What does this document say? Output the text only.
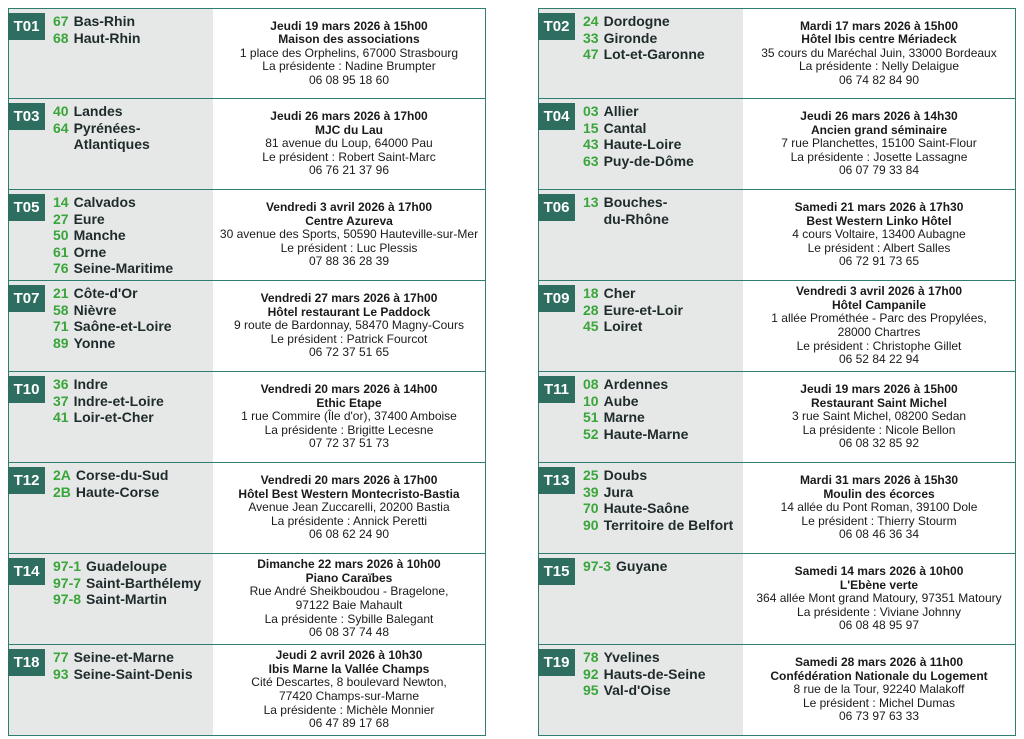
T01 67 Bas-Rhin
68 Haut-Rhin
Jeudi 19 mars 2026 à 15h00
Maison des associations
1 place des Orphelins, 67000 Strasbourg
La présidente : Nadine Brumpter
06 08 95 18 60
T03 40 Landes
64 Pyrénées-
Atlantiques
Jeudi 26 mars 2026 à 17h00
MJC du Lau
81 avenue du Loup, 64000 Pau
Le président : Robert Saint-Marc
06 76 21 37 96
T05 14 Calvados
27 Eure
50 Manche
61 Orne
76 Seine-Maritime
Vendredi 3 avril 2026 à 17h00
Centre Azureva
30 avenue des Sports, 50590 Hauteville-sur-Mer
Le président : Luc Plessis
07 88 36 28 39
T07 21 Côte-d'Or
58 Nièvre
71 Saône-et-Loire
89 Yonne
Vendredi 27 mars 2026 à 17h00
Hôtel restaurant Le Paddock
9 route de Bardonnay, 58470 Magny-Cours
Le président : Patrick Fourcot
06 72 37 51 65
T10 36 Indre
37 Indre-et-Loire
41 Loir-et-Cher
Vendredi 20 mars 2026 à 14h00
Ethic Etape
1 rue Commire (Île d'or), 37400 Amboise
La présidente : Brigitte Lecesne
07 72 37 51 73
T12 2A Corse-du-Sud
2B Haute-Corse
Vendredi 20 mars 2026 à 17h00
Hôtel Best Western Montecristo-Bastia
Avenue Jean Zuccarelli, 20200 Bastia
La présidente : Annick Peretti
06 08 62 24 90
T14 97-1 Guadeloupe
97-7 Saint-Barthélemy
97-8 Saint-Martin
Dimanche 22 mars 2026 à 10h00
Piano Caraïbes
Rue André Sheikboudou - Bragelone,
97122 Baie Mahault
La présidente : Sybille Balegant
06 08 37 74 48
T18 77 Seine-et-Marne
93 Seine-Saint-Denis
Jeudi 2 avril 2026 à 10h30
Ibis Marne la Vallée Champs
Cité Descartes, 8 boulevard Newton,
77420 Champs-sur-Marne
La présidente : Michèle Monnier
06 47 89 17 68
T02 24 Dordogne
33 Gironde
47 Lot-et-Garonne
Mardi 17 mars 2026 à 15h00
Hôtel Ibis centre Mériadeck
35 cours du Maréchal Juin, 33000 Bordeaux
La présidente : Nelly Delaigue
06 74 82 84 90
T04 03 Allier
15 Cantal
43 Haute-Loire
63 Puy-de-Dôme
Jeudi 26 mars 2026 à 14h30
Ancien grand séminaire
7 rue Planchettes, 15100 Saint-Flour
La présidente : Josette Lassagne
06 07 79 33 84
T06 13 Bouches-
du-Rhône
Samedi 21 mars 2026 à 17h30
Best Western Linko Hôtel
4 cours Voltaire, 13400 Aubagne
Le président : Albert Salles
06 72 91 73 65
T09 18 Cher
28 Eure-et-Loir
45 Loiret
Vendredi 3 avril 2026 à 17h00
Hôtel Campanile
1 allée Prométhée - Parc des Propylées,
28000 Chartres
Le président : Christophe Gillet
06 52 84 22 94
T11 08 Ardennes
10 Aube
51 Marne
52 Haute-Marne
Jeudi 19 mars 2026 à 15h00
Restaurant Saint Michel
3 rue Saint Michel, 08200 Sedan
La présidente : Nicole Bellon
06 08 32 85 92
T13 25 Doubs
39 Jura
70 Haute-Saône
90 Territoire de Belfort
Mardi 31 mars 2026 à 15h30
Moulin des écorces
14 allée du Pont Roman, 39100 Dole
Le président : Thierry Stourm
06 08 46 36 34
T15 97-3 Guyane	Samedi 14 mars 2026 à 10h00
L'Ebène verte
364 allée Mont grand Matoury, 97351 Matoury
La présidente : Viviane Johnny
06 08 48 95 97
T19 78 Yvelines
92 Hauts-de-Seine
95 Val-d'Oise
Samedi 28 mars 2026 à 11h00
Confédération Nationale du Logement
8 rue de la Tour, 92240 Malakoff
Le président : Michel Dumas
06 73 97 63 33
